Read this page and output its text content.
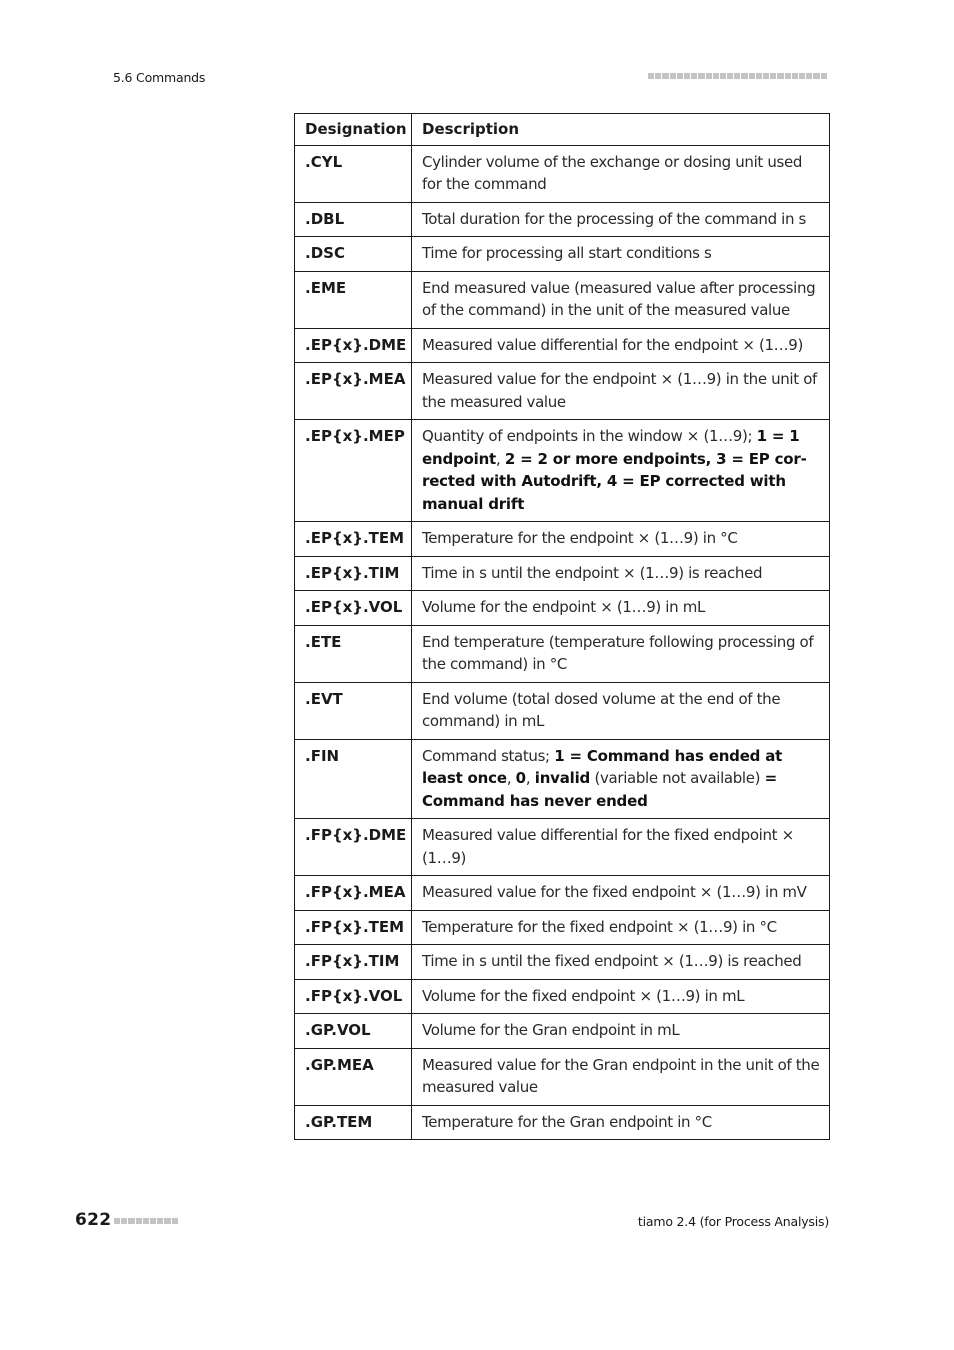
5.6 Commands
Designation	Description
.CYL	Cylinder volume of the exchange or dosing unit used for the command
.DBL	Total duration for the processing of the command in s
.DSC	Time for processing all start conditions s
.EME	End measured value (measured value after processing of the command) in the unit of the measured value
.EP{x}.DME	Measured value differential for the endpoint × (1…9)
.EP{x}.MEA	Measured value for the endpoint × (1…9) in the unit of the measured value
.EP{x}.MEP	Quantity of endpoints in the window × (1…9); 1 = 1 endpoint, 2 = 2 or more endpoints, 3 = EP corrected with Autodrift, 4 = EP corrected with manual drift
.EP{x}.TEM	Temperature for the endpoint × (1…9) in °C
.EP{x}.TIM	Time in s until the endpoint × (1…9) is reached
.EP{x}.VOL	Volume for the endpoint × (1…9) in mL
.ETE	End temperature (temperature following processing of the command) in °C
.EVT	End volume (total dosed volume at the end of the command) in mL
.FIN	Command status; 1 = Command has ended at least once, 0, invalid (variable not available) = Command has never ended
.FP{x}.DME	Measured value differential for the fixed endpoint × (1…9)
.FP{x}.MEA	Measured value for the fixed endpoint × (1…9) in mV
.FP{x}.TEM	Temperature for the fixed endpoint × (1…9) in °C
.FP{x}.TIM	Time in s until the fixed endpoint × (1…9) is reached
.FP{x}.VOL	Volume for the fixed endpoint × (1…9) in mL
.GP.VOL	Volume for the Gran endpoint in mL
.GP.MEA	Measured value for the Gran endpoint in the unit of the measured value
.GP.TEM	Temperature for the Gran endpoint in °C
622	tiamo 2.4 (for Process Analysis)
